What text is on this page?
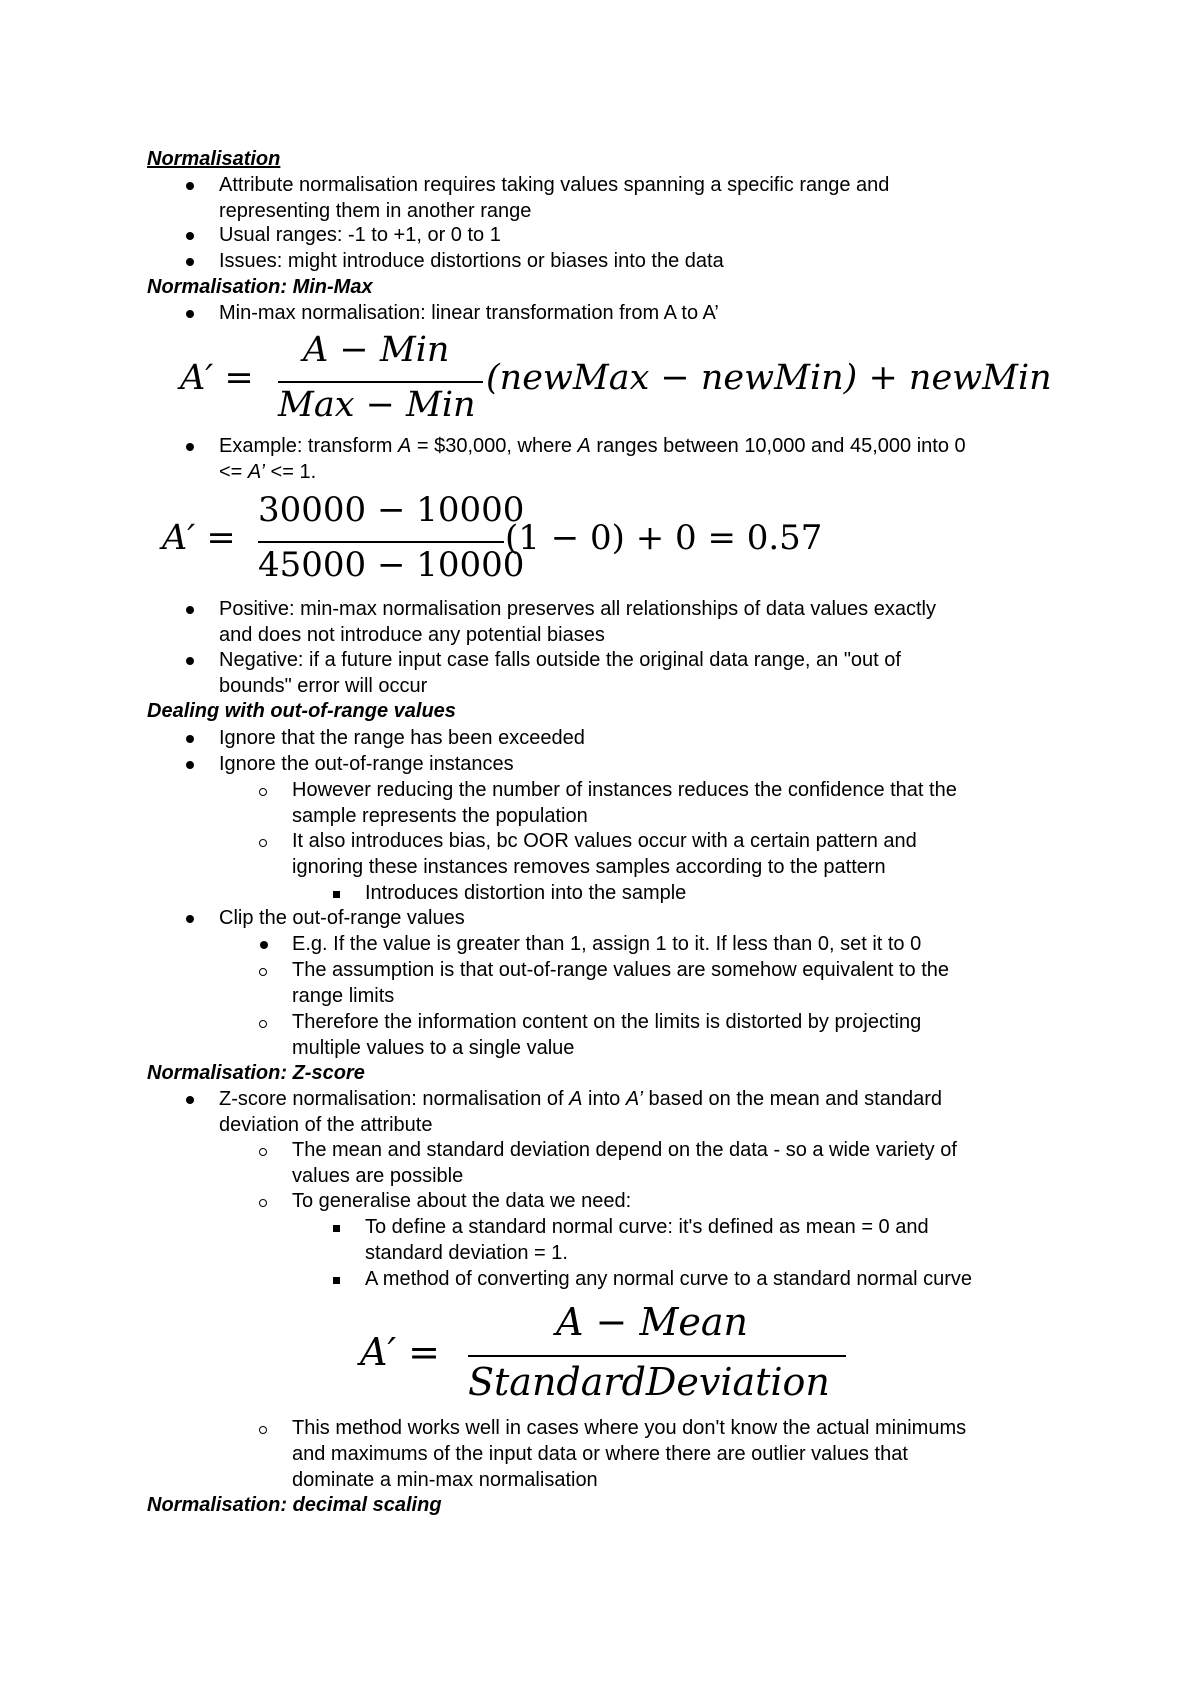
Normalisation
Attribute normalisation requires taking values spanning a specific range and
representing them in another range
Usual ranges: -1 to +1, or 0 to 1
Issues: might introduce distortions or biases into the data
Normalisation: Min-Max
Min-max normalisation: linear transformation from A to A’
A′ =
A − Min
Max − Min
(newMax − newMin) + newMin
Example: transform A = $30,000, where A ranges between 10,000 and 45,000 into 0
<= A’ <= 1.
A′ =
30000 − 10000
45000 − 10000
(1 − 0) + 0 = 0.57
Positive: min-max normalisation preserves all relationships of data values exactly
and does not introduce any potential biases
Negative: if a future input case falls outside the original data range, an "out of
bounds" error will occur
Dealing with out-of-range values
Ignore that the range has been exceeded
Ignore the out-of-range instances
However reducing the number of instances reduces the confidence that the
sample represents the population
It also introduces bias, bc OOR values occur with a certain pattern and
ignoring these instances removes samples according to the pattern
Introduces distortion into the sample
Clip the out-of-range values
E.g. If the value is greater than 1, assign 1 to it. If less than 0, set it to 0
The assumption is that out-of-range values are somehow equivalent to the
range limits
Therefore the information content on the limits is distorted by projecting
multiple values to a single value
Normalisation: Z-score
Z-score normalisation: normalisation of A into A’ based on the mean and standard
deviation of the attribute
The mean and standard deviation depend on the data - so a wide variety of
values are possible
To generalise about the data we need:
To define a standard normal curve: it's defined as mean = 0 and
standard deviation = 1.
A method of converting any normal curve to a standard normal curve
A′ =
A − Mean
StandardDeviation
This method works well in cases where you don't know the actual minimums
and maximums of the input data or where there are outlier values that
dominate a min-max normalisation
Normalisation: decimal scaling
